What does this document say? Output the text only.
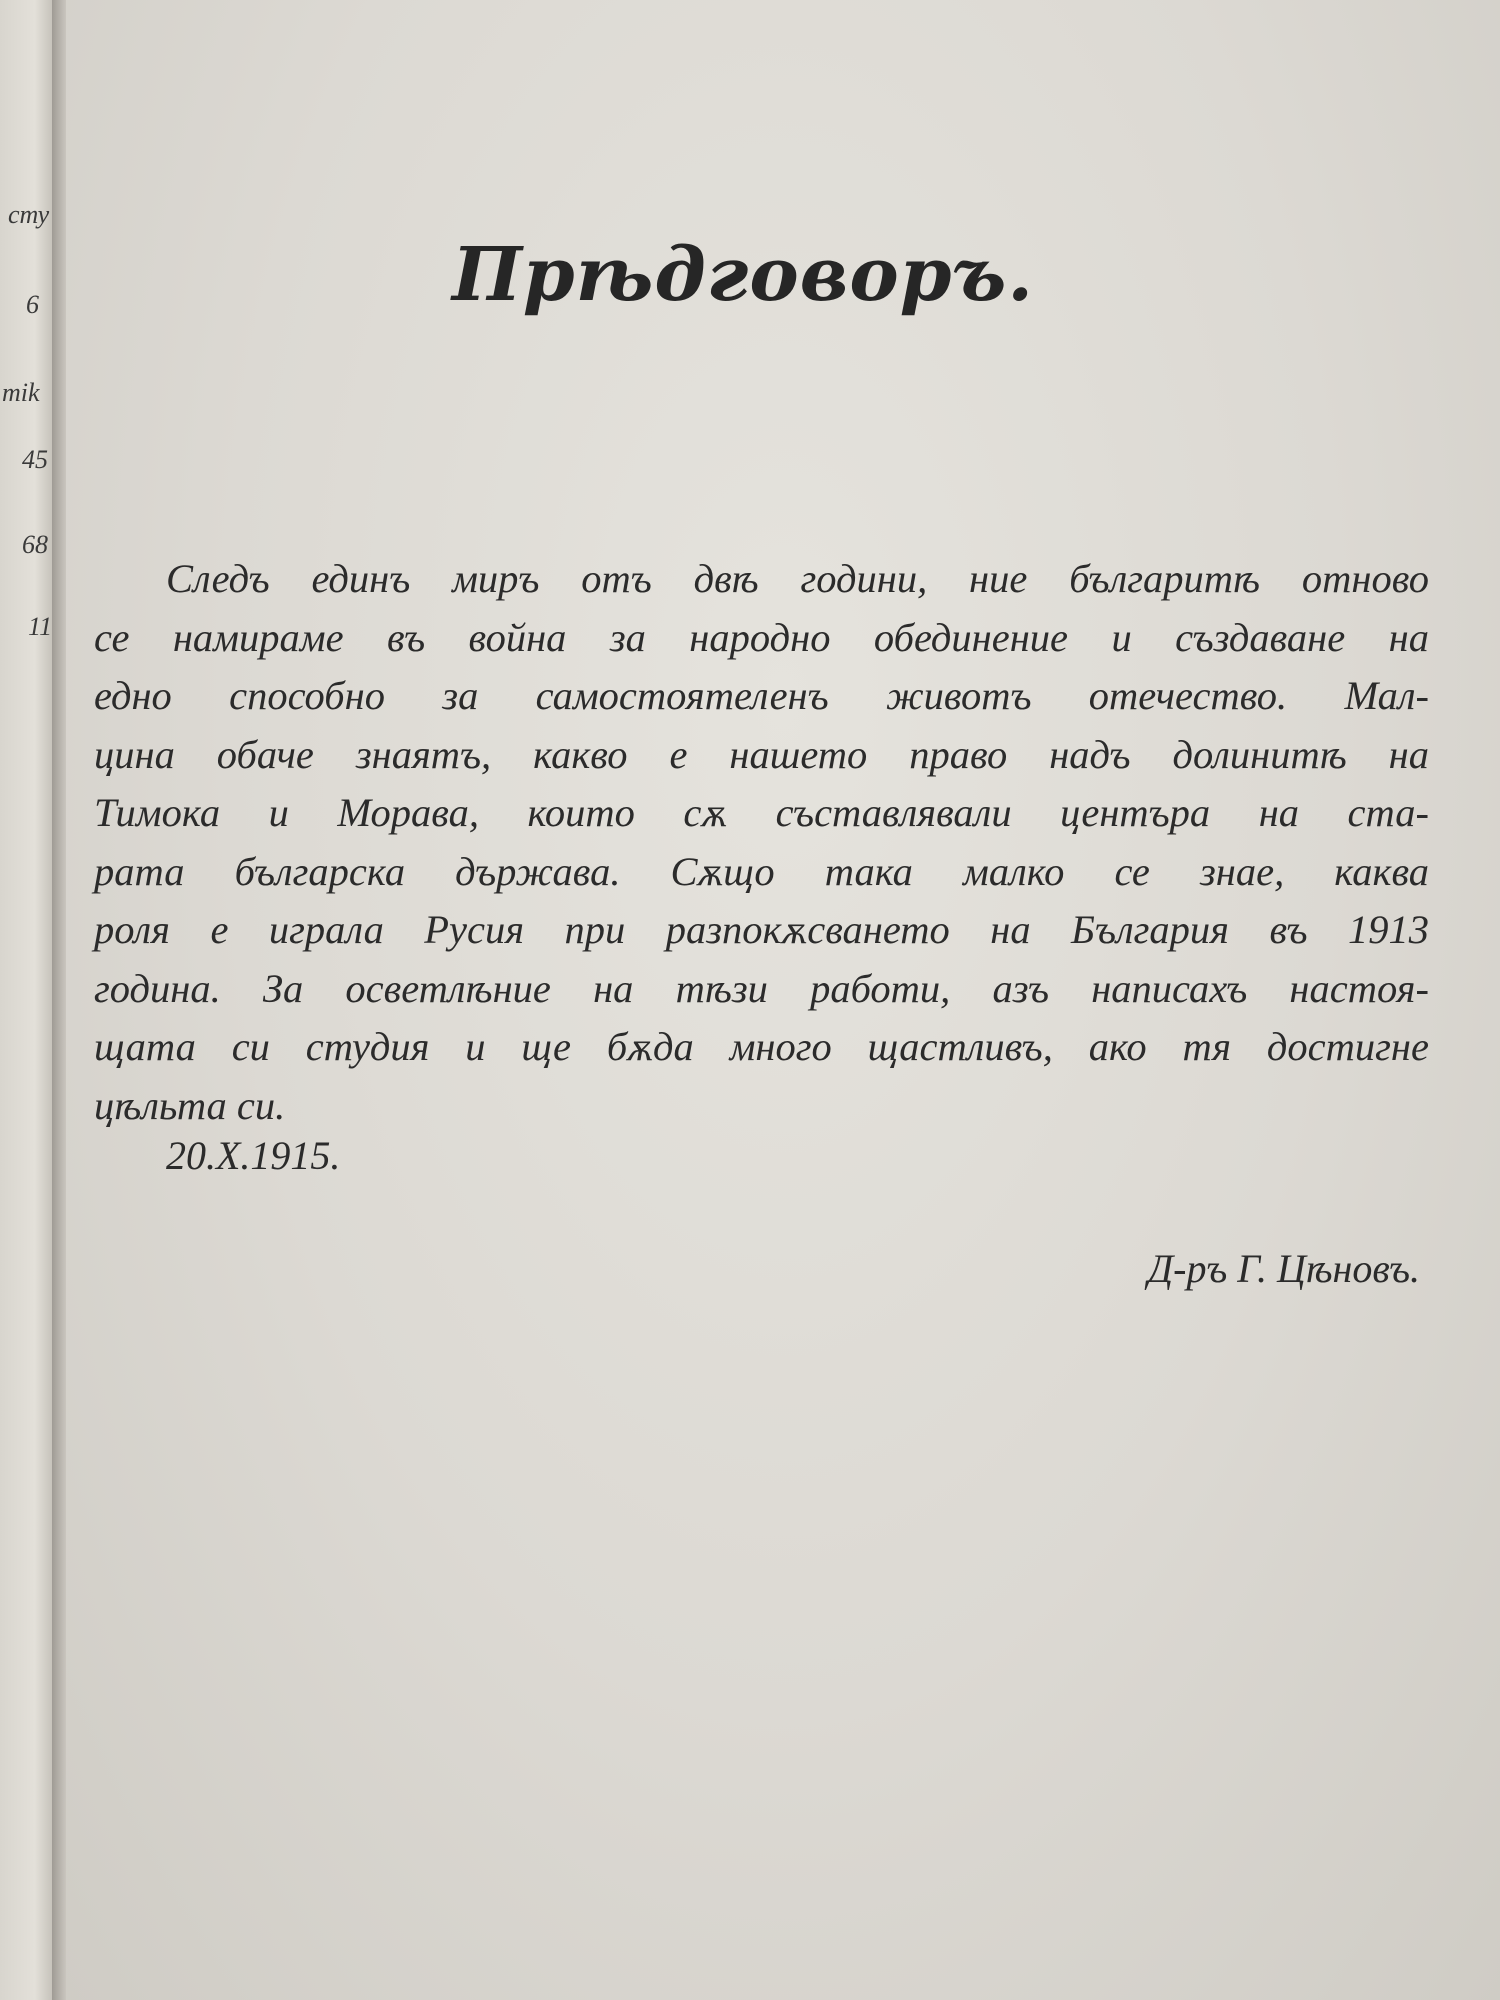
сту
6
mik
45
68
11
Прѣдговоръ.
Следъ единъ миръ отъ двѣ години, ние българитѣ отново
се намираме въ война за народно обединение и създаване на
едно способно за самостоятеленъ животъ отечество. Мал-
цина обаче знаятъ, какво е нашето право надъ долинитѣ на
Тимока и Морава, които сѫ съставлявали центъра на ста-
рата българска държава. Сѫщо така малко се знае, каква
роля е играла Русия при разпокѫсването на България въ 1913
година. За осветлѣние на тѣзи работи, азъ написахъ настоя-
щата си студия и ще бѫда много щастливъ, ако тя достигне
цѣльта си.
20.X.1915.
Д-ръ Г. Цѣновъ.
